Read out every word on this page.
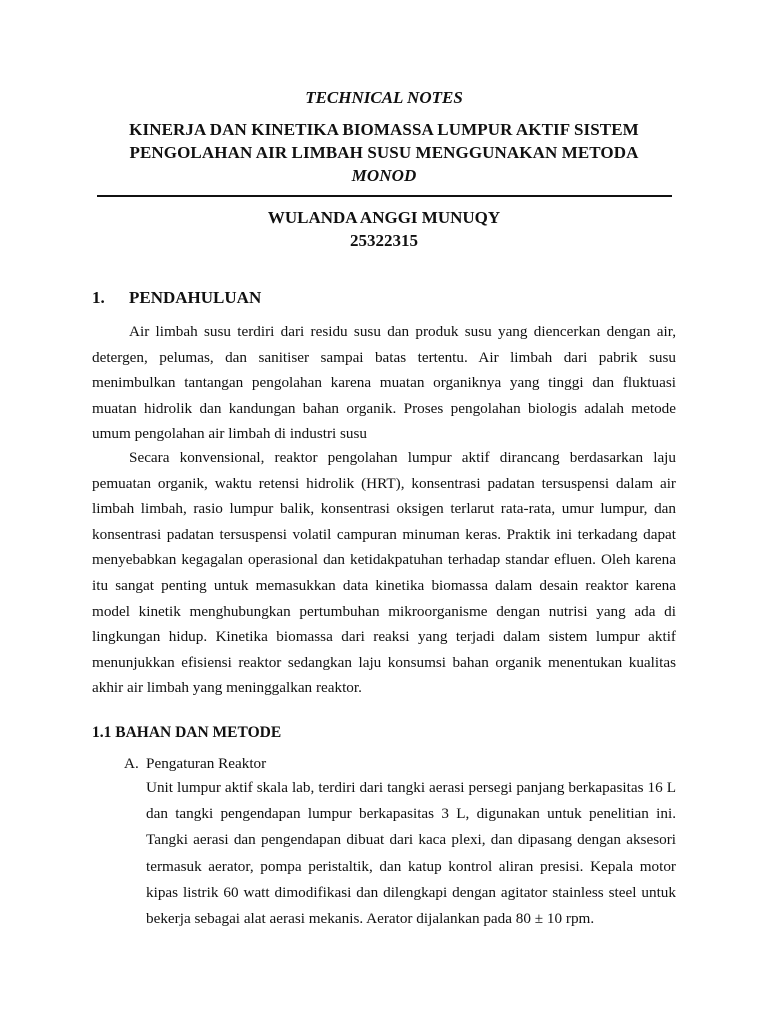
TECHNICAL NOTES
KINERJA DAN KINETIKA BIOMASSA LUMPUR AKTIF SISTEM
PENGOLAHAN AIR LIMBAH SUSU MENGGUNAKAN METODA
MONOD
WULANDA ANGGI MUNUQY
25322315
1. PENDAHULUAN

Air limbah susu terdiri dari residu susu dan produk susu yang diencerkan dengan air, detergen, pelumas, dan sanitiser sampai batas tertentu. Air limbah dari pabrik susu menimbulkan tantangan pengolahan karena muatan organiknya yang tinggi dan fluktuasi muatan hidrolik dan kandungan bahan organik. Proses pengolahan biologis adalah metode umum pengolahan air limbah di industri susu

Secara konvensional, reaktor pengolahan lumpur aktif dirancang berdasarkan laju pemuatan organik, waktu retensi hidrolik (HRT), konsentrasi padatan tersuspensi dalam air limbah limbah, rasio lumpur balik, konsentrasi oksigen terlarut rata-rata, umur lumpur, dan konsentrasi padatan tersuspensi volatil campuran minuman keras. Praktik ini terkadang dapat menyebabkan kegagalan operasional dan ketidakpatuhan terhadap standar efluen. Oleh karena itu sangat penting untuk memasukkan data kinetika biomassa dalam desain reaktor karena model kinetik menghubungkan pertumbuhan mikroorganisme dengan nutrisi yang ada di lingkungan hidup. Kinetika biomassa dari reaksi yang terjadi dalam sistem lumpur aktif menunjukkan efisiensi reaktor sedangkan laju konsumsi bahan organik menentukan kualitas akhir air limbah yang meninggalkan reaktor.

1.1 BAHAN DAN METODE
A. Pengaturan Reaktor

Unit lumpur aktif skala lab, terdiri dari tangki aerasi persegi panjang berkapasitas 16 L dan tangki pengendapan lumpur berkapasitas 3 L, digunakan untuk penelitian ini. Tangki aerasi dan pengendapan dibuat dari kaca plexi, dan dipasang dengan aksesori termasuk aerator, pompa peristaltik, dan katup kontrol aliran presisi. Kepala motor kipas listrik 60 watt dimodifikasi dan dilengkapi dengan agitator stainless steel untuk bekerja sebagai alat aerasi mekanis. Aerator dijalankan pada 80 ± 10 rpm.
